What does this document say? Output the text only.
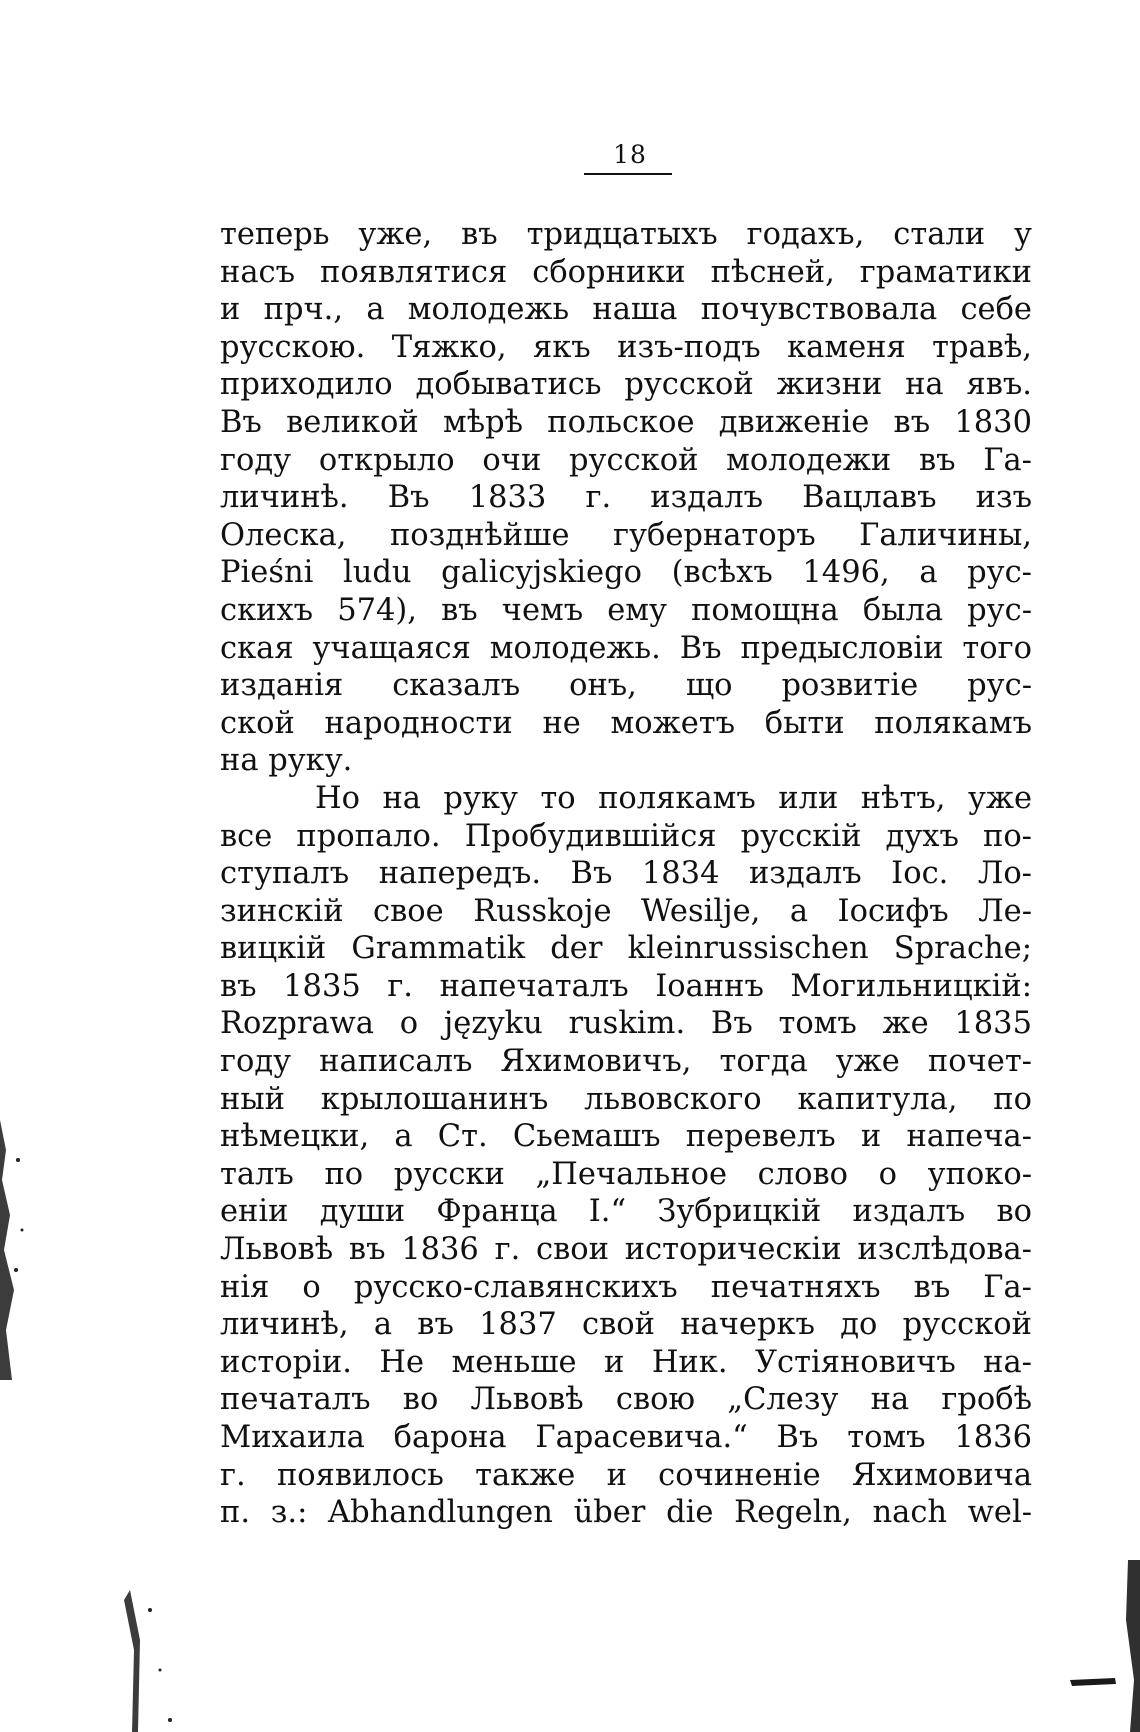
18
теперь уже, въ тридцатыхъ годахъ, стали у
насъ появлятися сборники пѣсней, граматики
и прч., а молодежь наша почувствовала себе
русскою. Тяжко, якъ изъ-подъ каменя травѣ,
приходило добыватись русской жизни на явъ.
Въ великой мѣрѣ польское движеніе въ 1830
году открыло очи русской молодежи въ Га-
личинѣ. Въ 1833 г. издалъ Вацлавъ изъ
Олеска, позднѣйше губернаторъ Галичины,
Pieśni ludu galicyjskiego (всѣхъ 1496, а рус-
скихъ 574), въ чемъ ему помощна была рус-
ская учащаяся молодежь. Въ предысловіи того
изданія сказалъ онъ, що розвитіе рус-
ской народности не можетъ быти полякамъ
на руку.
Но на руку то полякамъ или нѣтъ, уже
все пропало. Пробудившійся русскій духъ по-
ступалъ напередъ. Въ 1834 издалъ Іос. Ло-
зинскій свое Russkoje Wesilje, а Іосифъ Ле-
вицкій Grammatik der kleinrussischen Sprache;
въ 1835 г. напечаталъ Іоаннъ Могильницкій:
Rozprawa o języku ruskim. Въ томъ же 1835
году написалъ Яхимовичъ, тогда уже почет-
ный крылошанинъ львовского капитула, по
нѣмецки, а Ст. Сьемашъ перевелъ и напеча-
талъ по русски „Печальное слово о упоко-
еніи души Франца I.“ Зубрицкій издалъ во
Львовѣ въ 1836 г. свои историческіи изслѣдова-
нія о русско-славянскихъ печатняхъ въ Га-
личинѣ, а въ 1837 свой начеркъ до русской
исторіи. Не меньше и Ник. Устіяновичъ на-
печаталъ во Львовѣ свою „Слезу на гробѣ
Михаила барона Гарасевича.“ Въ томъ 1836
г. появилось также и сочиненіе Яхимовича
п. з.: Abhandlungen über die Regeln, nach wel-
